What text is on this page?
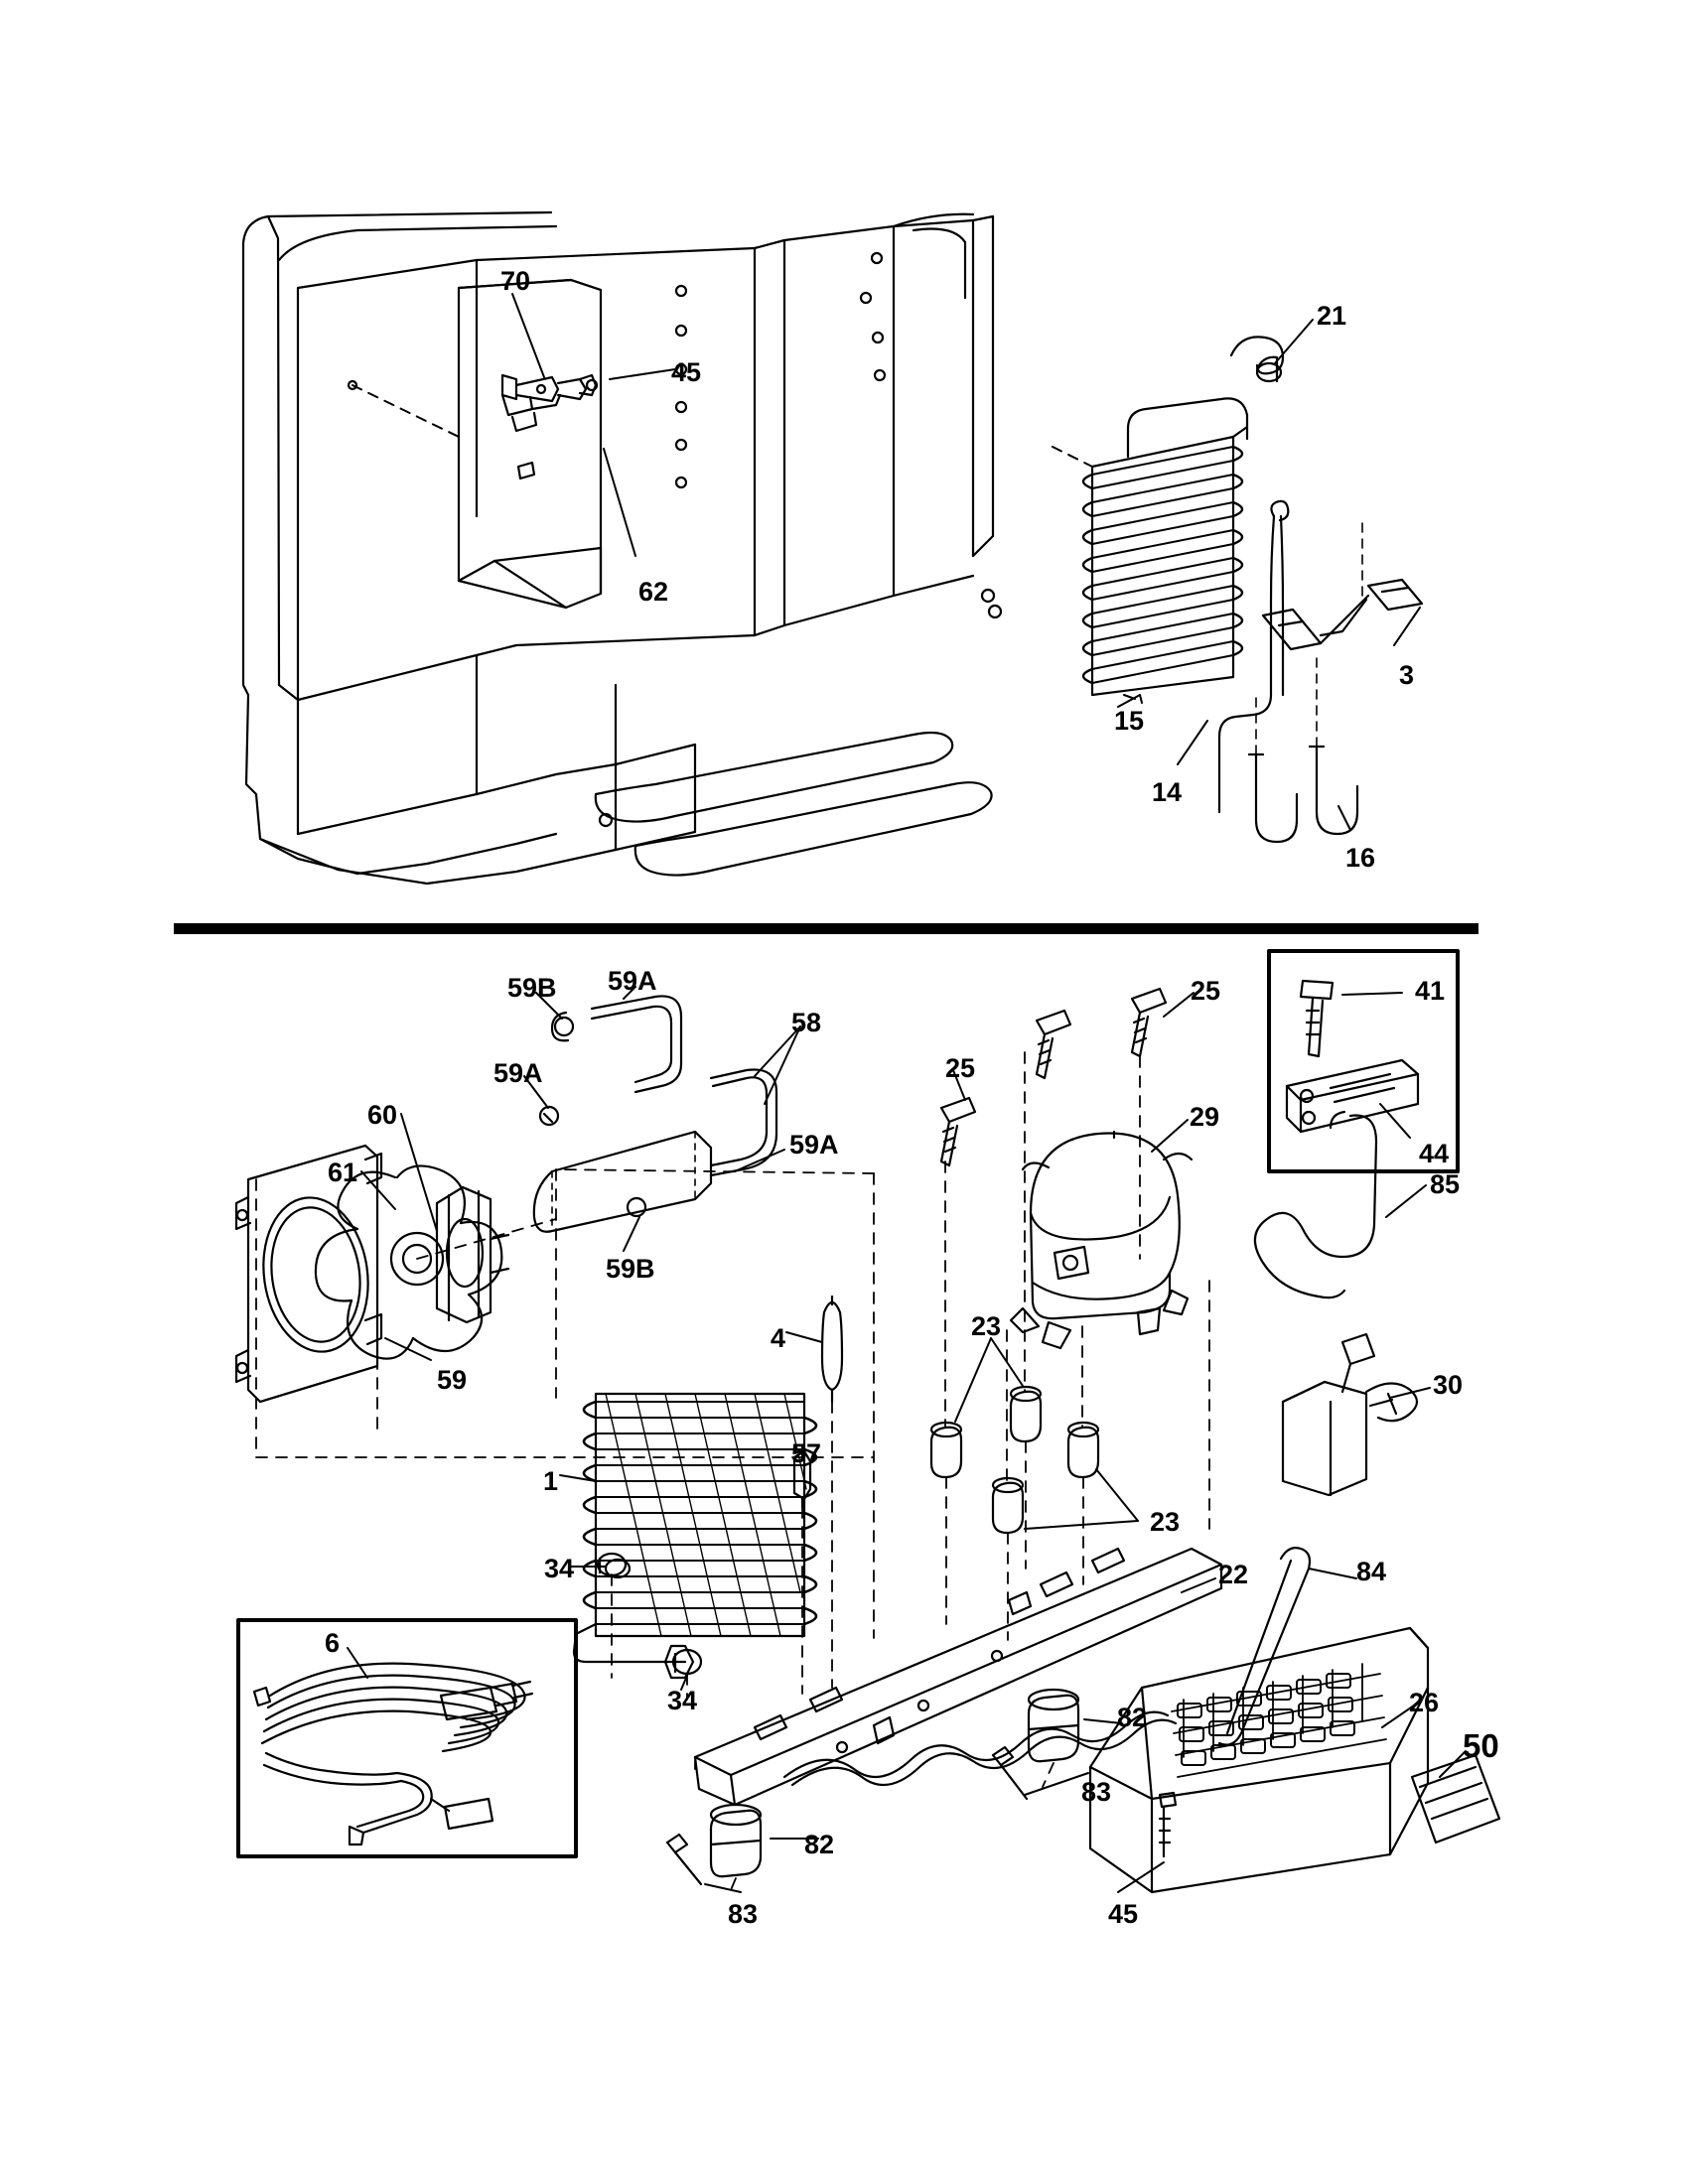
70
45
62
21
15
3
14
16
59B 59A
58
59A
60
59A
61
59B
59
25
25
29
41
44
85
30
4	23
23
1
57
34
34
22	84
26
50
82
83
6
82
83	45
